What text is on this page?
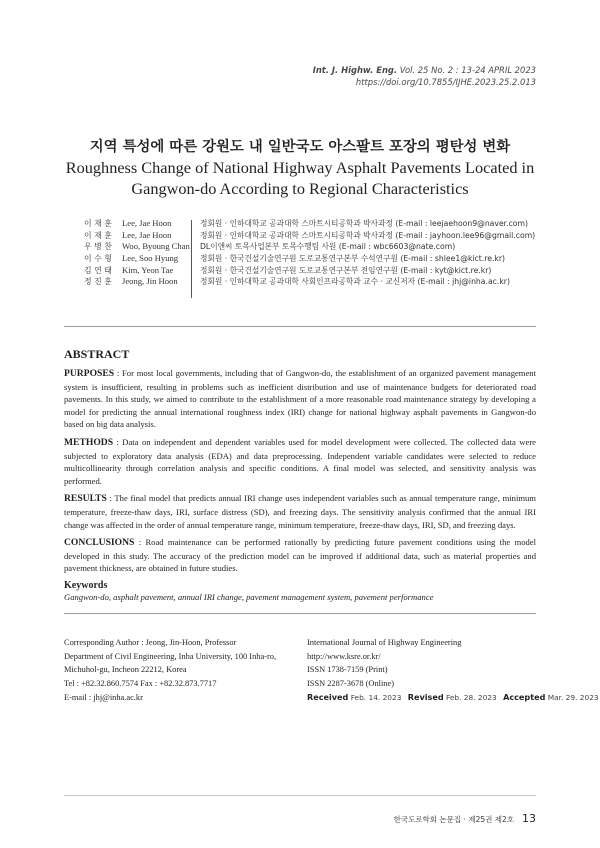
Int. J. Highw. Eng. Vol. 25 No. 2 : 13-24 APRIL 2023
https://doi.org/10.7855/IJHE.2023.25.2.013
지역 특성에 따른 강원도 내 일반국도 아스팔트 포장의 평탄성 변화
Roughness Change of National Highway Asphalt Pavements Located in Gangwon-do According to Regional Characteristics
이 재 훈	Lee, Jae Hoon	정회원 · 인하대학교 공과대학 스마트시티공학과 박사과정 (E-mail : leejaehoon9@naver.com)
이 재 훈	Lee, Jae Hoon	정회원 · 인하대학교 공과대학 스마트시티공학과 박사과정 (E-mail : jayhoon.lee96@gmail.com)
우 병 찬	Woo, Byoung Chan	DL이앤씨 토목사업본부 토목수행팀 사원 (E-mail : wbc6603@nate.com)
이 수 형	Lee, Soo Hyung	정회원 · 한국건설기술연구원 도로교통연구본부 수석연구원 (E-mail : shlee1@kict.re.kr)
김 연 태	Kim, Yeon Tae	정회원 · 한국건설기술연구원 도로교통연구본부 전임연구원 (E-mail : kyt@kict.re.kr)
정 진 훈	Jeong, Jin Hoon	정회원 · 인하대학교 공과대학 사회인프라공학과 교수 · 교신저자 (E-mail : jhj@inha.ac.kr)
ABSTRACT

PURPOSES : For most local governments, including that of Gangwon-do, the establishment of an organized pavement management system is insufficient, resulting in problems such as inefficient distribution and use of maintenance budgets for deteriorated road pavements. In this study, we aimed to contribute to the establishment of a more reasonable road maintenance strategy by developing a model for predicting the annual international roughness index (IRI) change for national highway asphalt pavements in Gangwon-do based on big data analysis.

METHODS : Data on independent and dependent variables used for model development were collected. The collected data were subjected to exploratory data analysis (EDA) and data preprocessing. Independent variable candidates were selected to reduce multicollinearity through correlation analysis and specific conditions. A final model was selected, and sensitivity analysis was performed.

RESULTS : The final model that predicts annual IRI change uses independent variables such as annual temperature range, minimum temperature, freeze-thaw days, IRI, surface distress (SD), and freezing days. The sensitivity analysis confirmed that the annual IRI change was affected in the order of annual temperature range, minimum temperature, freeze-thaw days, IRI, SD, and freezing days.

CONCLUSIONS : Road maintenance can be performed rationally by predicting future pavement conditions using the model developed in this study. The accuracy of the prediction model can be improved if additional data, such as material properties and pavement thickness, are obtained in future studies.

Keywords
Gangwon-do, asphalt pavement, annual IRI change, pavement management system, pavement performance
Corresponding Author : Jeong, Jin-Hoon, Professor
Department of Civil Engineering, Inha University, 100 Inha-ro,
Michuhol-gu, Incheon 22212, Korea
Tel : +82.32.860.7574 Fax : +82.32.873.7717
E-mail : jhj@inha.ac.kr
International Journal of Highway Engineering
http://www.ksre.or.kr/
ISSN 1738-7159 (Print)
ISSN 2287-3678 (Online)
Received Feb. 14. 2023 Revised Feb. 28. 2023 Accepted Mar. 29. 2023
한국도로학회 논문집 · 제25권 제2호 13
